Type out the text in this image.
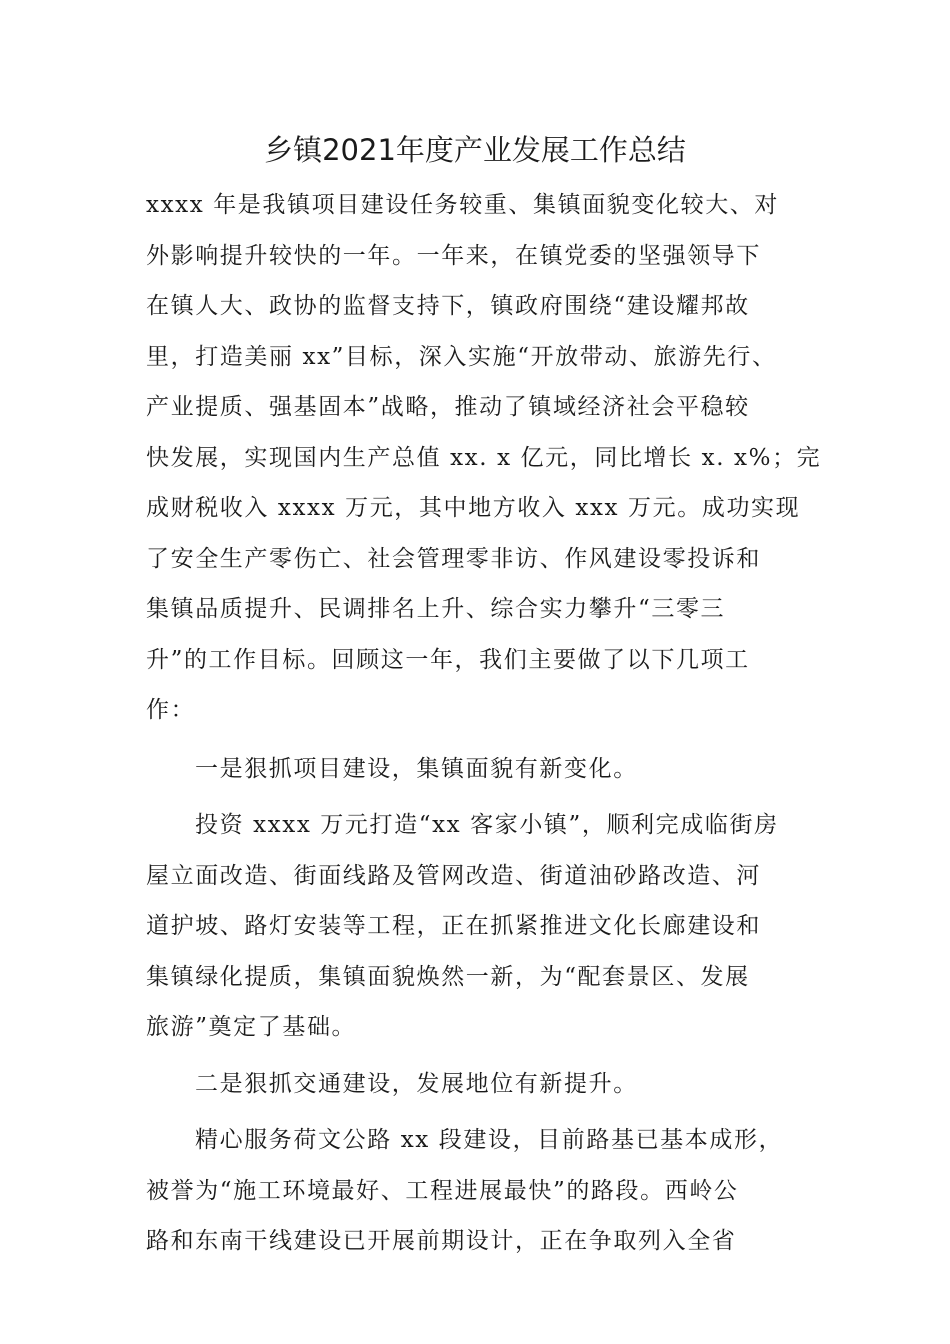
乡镇2021年度产业发展工作总结

xxxx 年是我镇项目建设任务较重、集镇面貌变化较大、对
外影响提升较快的一年。一年来，在镇党委的坚强领导下
在镇人大、政协的监督支持下，镇政府围绕“建设耀邦故
里，打造美丽 xx”目标，深入实施“开放带动、旅游先行、
产业提质、强基固本”战略，推动了镇域经济社会平稳较
快发展，实现国内生产总值 xx. x 亿元，同比增长 x. x%；完
成财税收入 xxxx 万元，其中地方收入 xxx 万元。成功实现
了安全生产零伤亡、社会管理零非访、作风建设零投诉和
集镇品质提升、民调排名上升、综合实力攀升“三零三
升”的工作目标。回顾这一年，我们主要做了以下几项工
作：

一是狠抓项目建设，集镇面貌有新变化。

投资 xxxx 万元打造“xx 客家小镇”，顺利完成临街房
屋立面改造、街面线路及管网改造、街道油砂路改造、河
道护坡、路灯安装等工程，正在抓紧推进文化长廊建设和
集镇绿化提质，集镇面貌焕然一新，为“配套景区、发展
旅游”奠定了基础。

二是狠抓交通建设，发展地位有新提升。

精心服务荷文公路 xx 段建设，目前路基已基本成形，
被誉为“施工环境最好、工程进展最快”的路段。西岭公
路和东南干线建设已开展前期设计，正在争取列入全省
